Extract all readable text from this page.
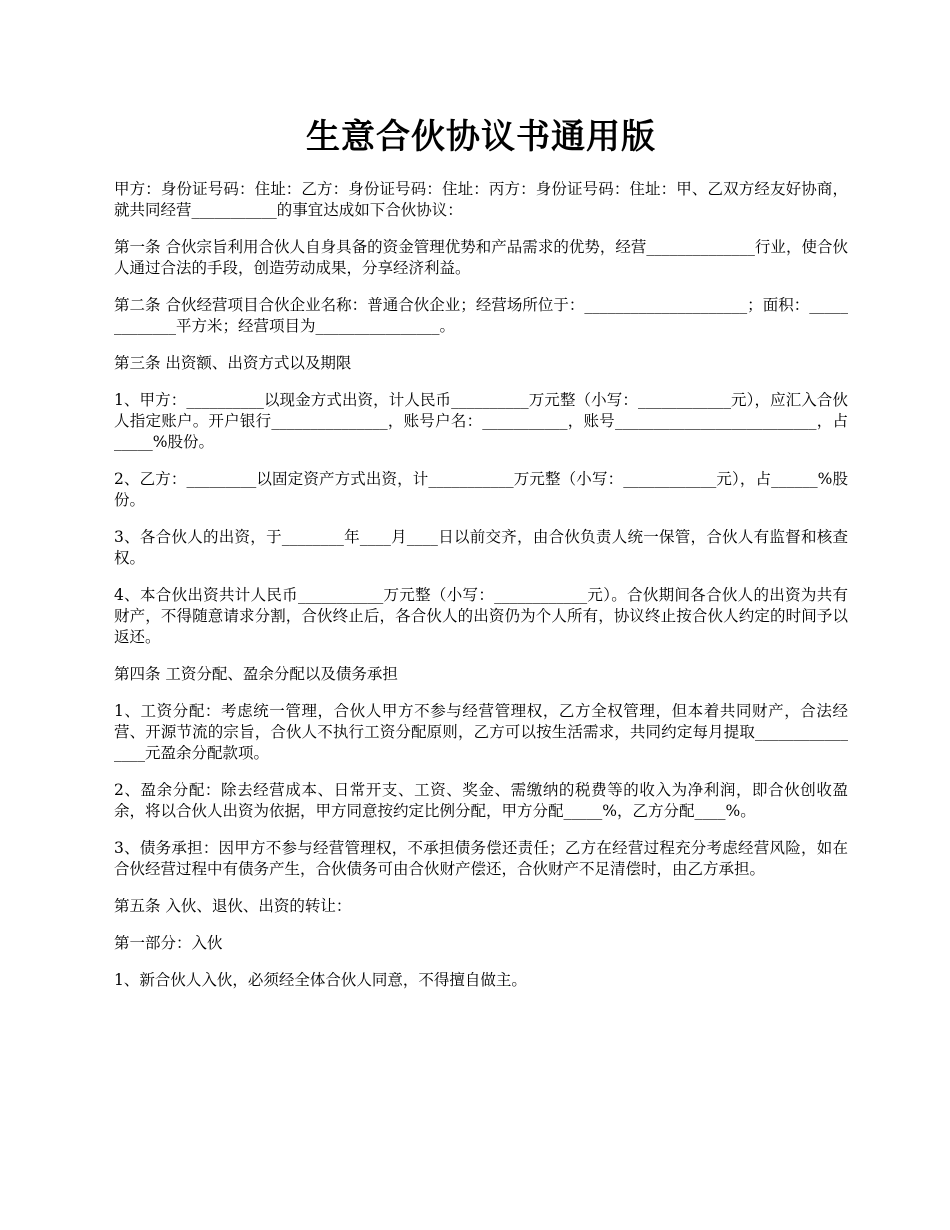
生意合伙协议书通用版

甲方：身份证号码：住址：乙方：身份证号码：住址：丙方：身份证号码：住址：甲、乙双方经友好协商，就共同经营___________的事宜达成如下合伙协议：

第一条 合伙宗旨利用合伙人自身具备的资金管理优势和产品需求的优势，经营______________行业，使合伙人通过合法的手段，创造劳动成果，分享经济利益。

第二条 合伙经营项目合伙企业名称：普通合伙企业；经营场所位于：_____________________；面积：_____________平方米；经营项目为________________。

第三条 出资额、出资方式以及期限

1、甲方：__________以现金方式出资，计人民币__________万元整（小写：____________元），应汇入合伙人指定账户。开户银行_______________，账号户名：___________，账号__________________________，占_____%股份。

2、乙方：_________以固定资产方式出资，计___________万元整（小写：____________元），占______%股份。

3、各合伙人的出资，于________年____月____日以前交齐，由合伙负责人统一保管，合伙人有监督和核查权。

4、本合伙出资共计人民币___________万元整（小写：____________元）。合伙期间各合伙人的出资为共有财产，不得随意请求分割，合伙终止后，各合伙人的出资仍为个人所有，协议终止按合伙人约定的时间予以返还。

第四条 工资分配、盈余分配以及债务承担

1、工资分配：考虑统一管理，合伙人甲方不参与经营管理权，乙方全权管理，但本着共同财产，合法经营、开源节流的宗旨，合伙人不执行工资分配原则，乙方可以按生活需求，共同约定每月提取________________元盈余分配款项。

2、盈余分配：除去经营成本、日常开支、工资、奖金、需缴纳的税费等的收入为净利润，即合伙创收盈余，将以合伙人出资为依据，甲方同意按约定比例分配，甲方分配_____%，乙方分配____%。

3、债务承担：因甲方不参与经营管理权，不承担债务偿还责任；乙方在经营过程充分考虑经营风险，如在合伙经营过程中有债务产生，合伙债务可由合伙财产偿还，合伙财产不足清偿时，由乙方承担。

第五条 入伙、退伙、出资的转让：

第一部分：入伙

1、新合伙人入伙，必须经全体合伙人同意，不得擅自做主。
